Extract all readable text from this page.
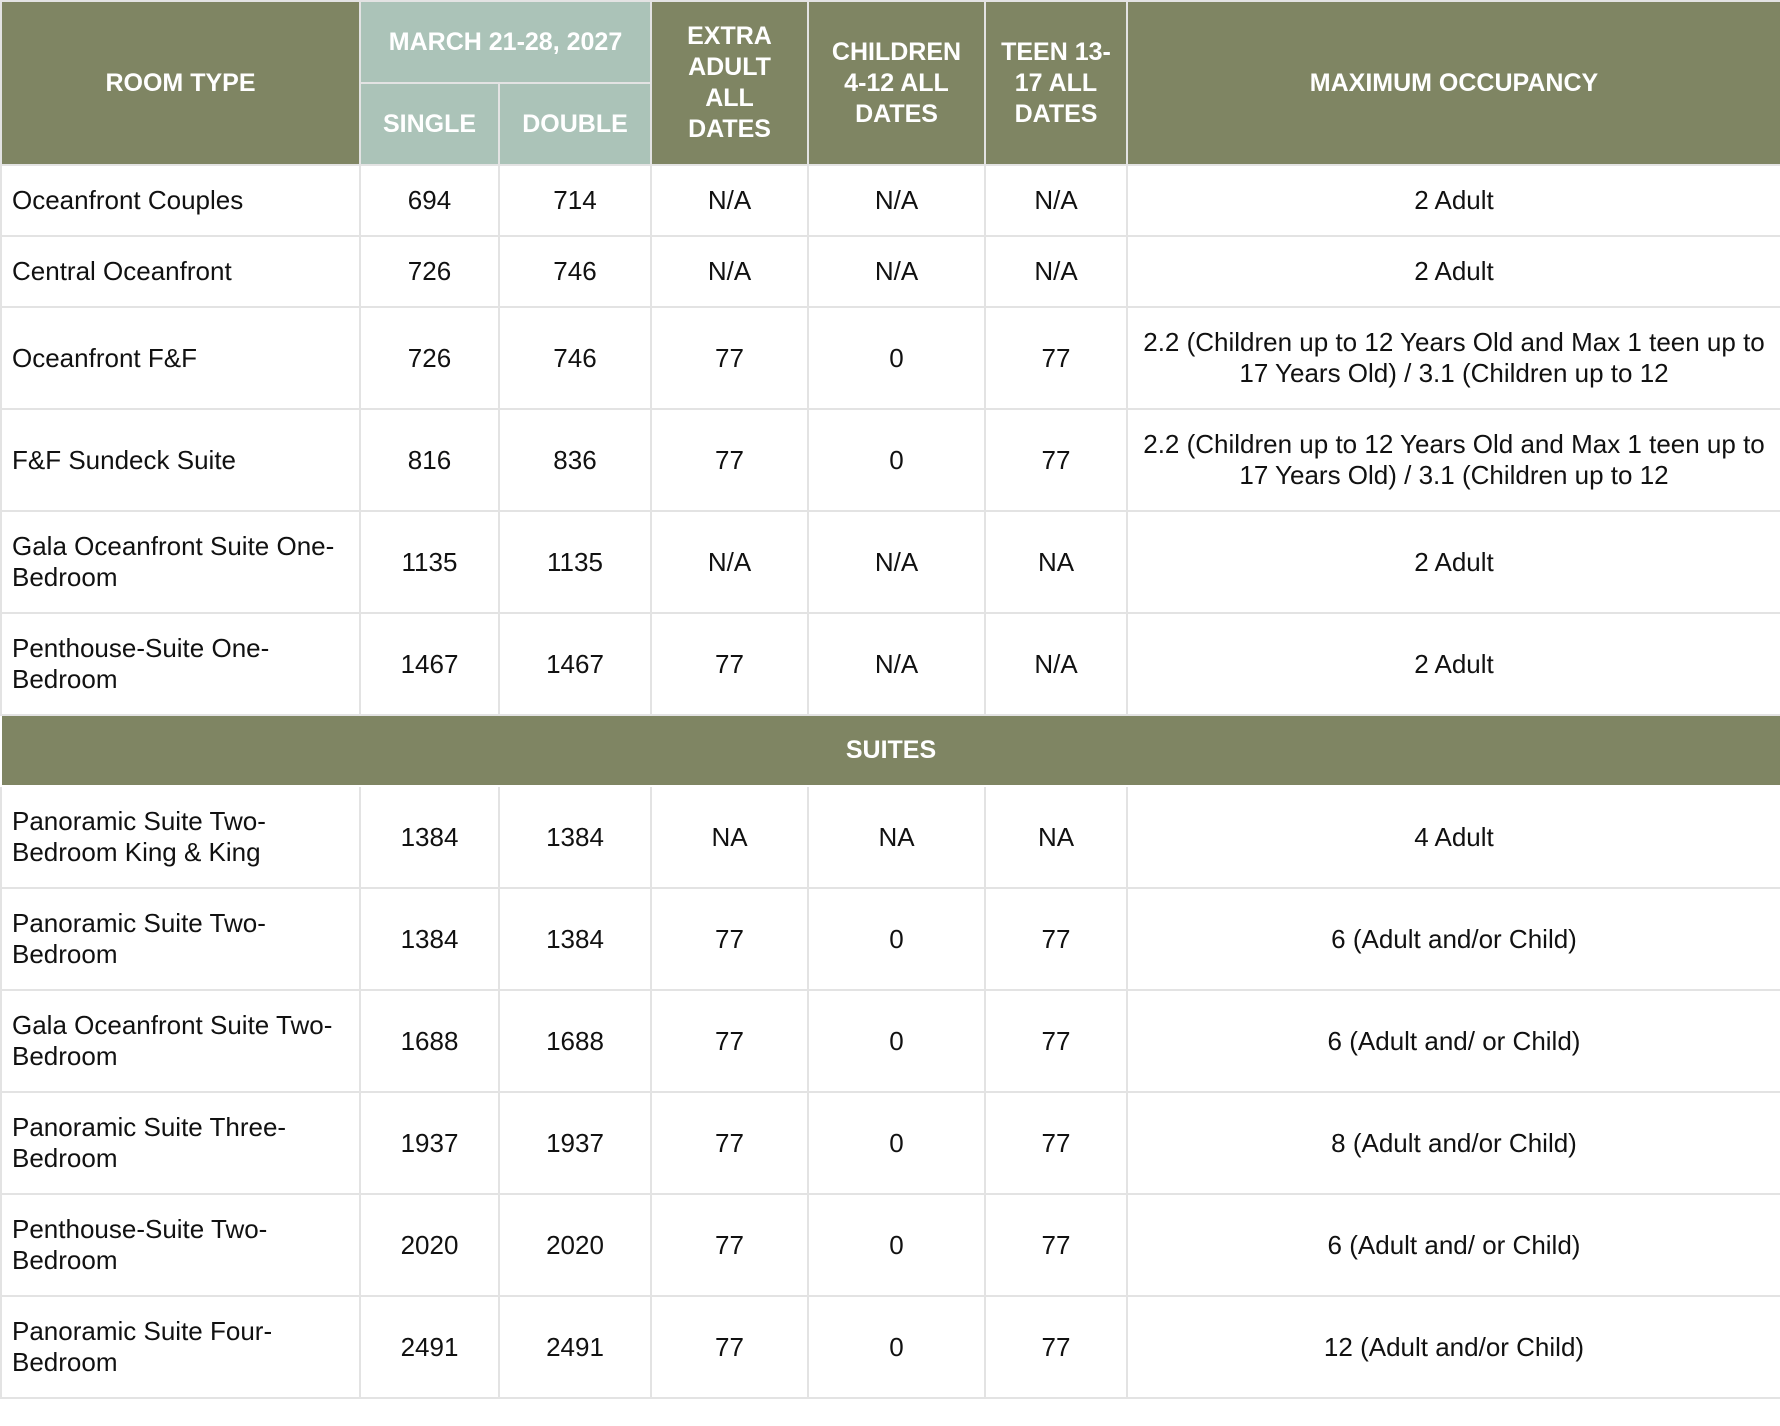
ROOM TYPE	MARCH 21-28, 2027		EXTRA ADULT ALL DATES	CHILDREN 4-12 ALL DATES	TEEN 13-17 ALL DATES	MAXIMUM OCCUPANCY
	SINGLE	DOUBLE				
Oceanfront Couples	694	714	N/A	N/A	N/A	2 Adult
Central Oceanfront	726	746	N/A	N/A	N/A	2 Adult
Oceanfront F&F	726	746	77	0	77	2.2 (Children up to 12 Years Old and Max 1 teen up to 17 Years Old) / 3.1 (Children up to 12
F&F Sundeck Suite	816	836	77	0	77	2.2 (Children up to 12 Years Old and Max 1 teen up to 17 Years Old) / 3.1 (Children up to 12
Gala Oceanfront Suite One-Bedroom	1135	1135	N/A	N/A	NA	2 Adult
Penthouse-Suite One-Bedroom	1467	1467	77	N/A	N/A	2 Adult
SUITES						
Panoramic Suite Two-Bedroom King & King	1384	1384	NA	NA	NA	4 Adult
Panoramic Suite Two-Bedroom	1384	1384	77	0	77	6 (Adult and/or Child)
Gala Oceanfront Suite Two-Bedroom	1688	1688	77	0	77	6 (Adult and/ or Child)
Panoramic Suite Three-Bedroom	1937	1937	77	0	77	8 (Adult and/or Child)
Penthouse-Suite Two-Bedroom	2020	2020	77	0	77	6 (Adult and/ or Child)
Panoramic Suite Four-Bedroom	2491	2491	77	0	77	12 (Adult and/or Child)
